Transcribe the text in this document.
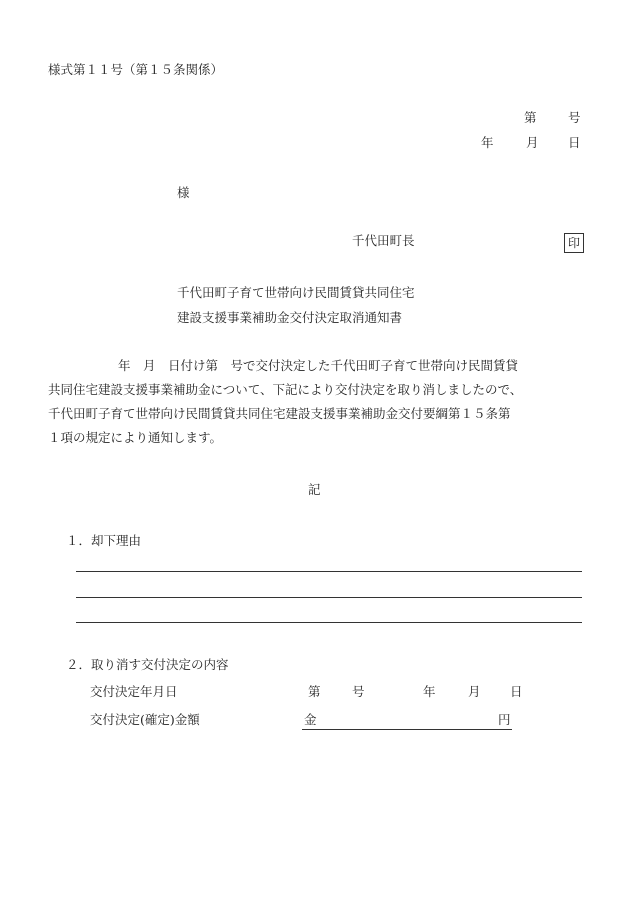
様式第１１号（第１５条関係）
第	号
年	月 日
様
千代田町長	印
千代田町子育て世帯向け民間賃貸共同住宅
建設支援事業補助金交付決定取消通知書
年　月　日付け第　号で交付決定した千代田町子育て世帯向け民間賃貸
共同住宅建設支援事業補助金について、下記により交付決定を取り消しましたので、
千代田町子育て世帯向け民間賃貸共同住宅建設支援事業補助金交付要綱第１５条第
１項の規定により通知します。
記
１．却下理由
２．取り消す交付決定の内容
交付決定年月日	第	号	年	月 日
交付決定(確定)金額	金	円
